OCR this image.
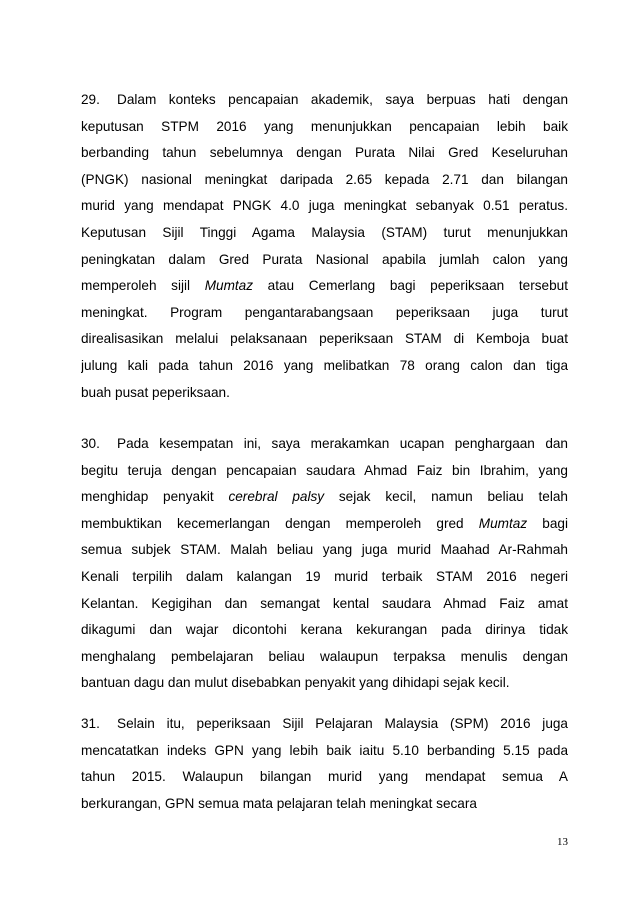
29. Dalam konteks pencapaian akademik, saya berpuas hati dengan
keputusan STPM 2016 yang menunjukkan pencapaian lebih baik
berbanding tahun sebelumnya dengan Purata Nilai Gred Keseluruhan
(PNGK) nasional meningkat daripada 2.65 kepada 2.71 dan bilangan
murid yang mendapat PNGK 4.0 juga meningkat sebanyak 0.51 peratus.
Keputusan Sijil Tinggi Agama Malaysia (STAM) turut menunjukkan
peningkatan dalam Gred Purata Nasional apabila jumlah calon yang
memperoleh sijil Mumtaz atau Cemerlang bagi peperiksaan tersebut
meningkat. Program pengantarabangsaan peperiksaan juga turut
direalisasikan melalui pelaksanaan peperiksaan STAM di Kemboja buat
julung kali pada tahun 2016 yang melibatkan 78 orang calon dan tiga
buah pusat peperiksaan.
30. Pada kesempatan ini, saya merakamkan ucapan penghargaan dan
begitu teruja dengan pencapaian saudara Ahmad Faiz bin Ibrahim, yang
menghidap penyakit cerebral palsy sejak kecil, namun beliau telah
membuktikan kecemerlangan dengan memperoleh gred Mumtaz bagi
semua subjek STAM. Malah beliau yang juga murid Maahad Ar-Rahmah
Kenali terpilih dalam kalangan 19 murid terbaik STAM 2016 negeri
Kelantan. Kegigihan dan semangat kental saudara Ahmad Faiz amat
dikagumi dan wajar dicontohi kerana kekurangan pada dirinya tidak
menghalang pembelajaran beliau walaupun terpaksa menulis dengan
bantuan dagu dan mulut disebabkan penyakit yang dihidapi sejak kecil.
31. Selain itu, peperiksaan Sijil Pelajaran Malaysia (SPM) 2016 juga
mencatatkan indeks GPN yang lebih baik iaitu 5.10 berbanding 5.15 pada
tahun 2015. Walaupun bilangan murid yang mendapat semua A
berkurangan, GPN semua mata pelajaran telah meningkat secara
13
